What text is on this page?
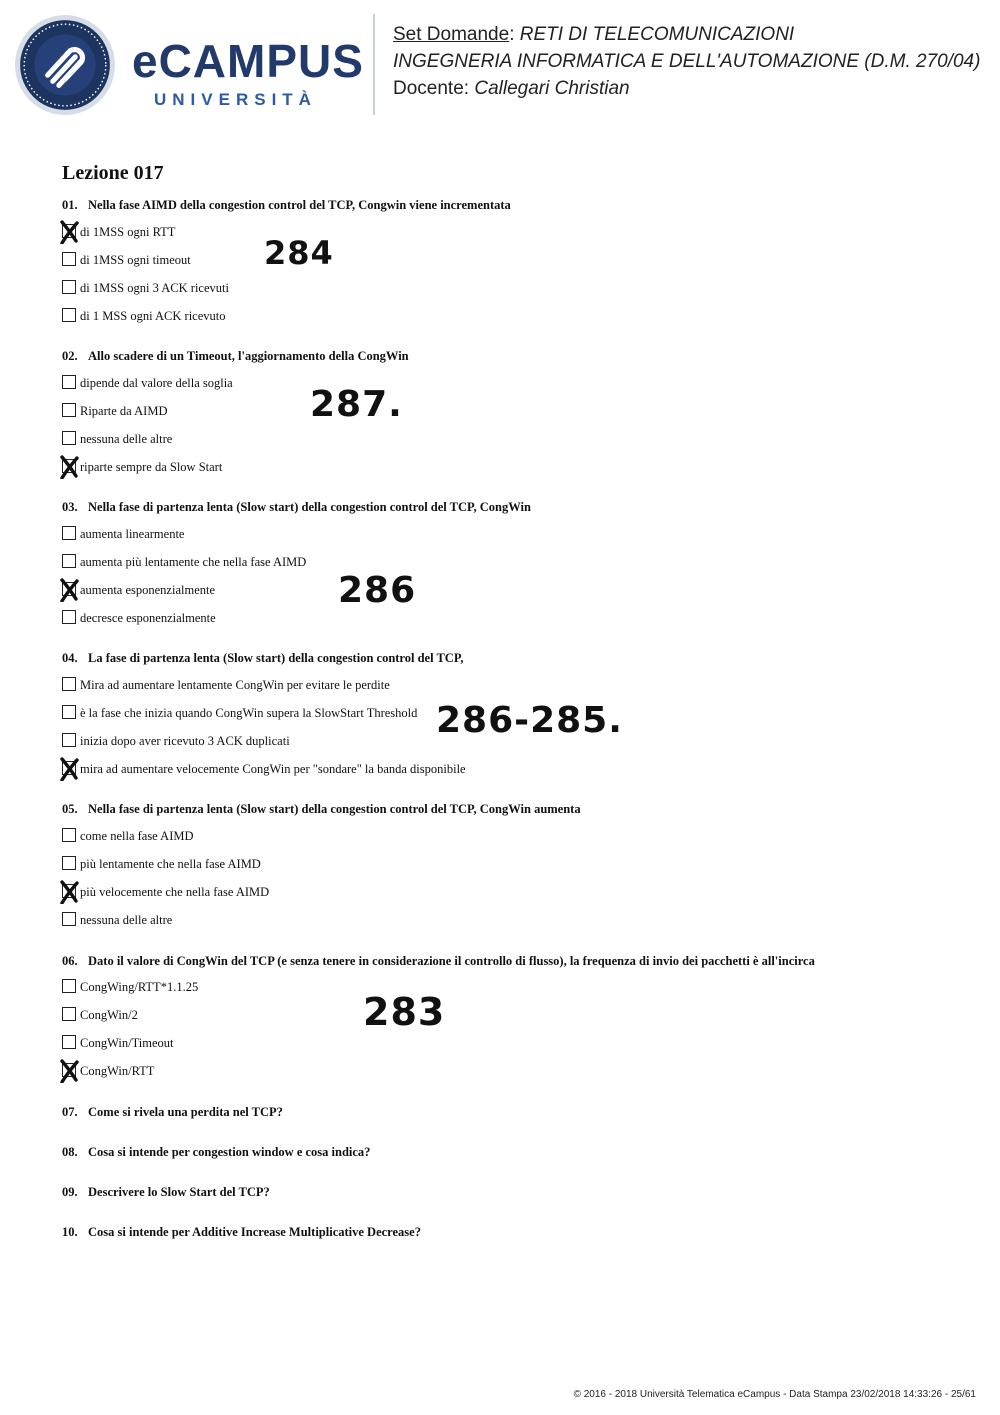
eCAMPUS
UNIVERSITÀ
Set Domande: RETI DI TELECOMUNICAZIONI
INGEGNERIA INFORMATICA E DELL'AUTOMAZIONE (D.M. 270/04)
Docente: Callegari Christian
Lezione 017
01. Nella fase AIMD della congestion control del TCP, Congwin viene incrementata
di 1MSS ogni RTT
di 1MSS ogni timeout
di 1MSS ogni 3 ACK ricevuti
di 1 MSS ogni ACK ricevuto
284
02. Allo scadere di un Timeout, l'aggiornamento della CongWin
dipende dal valore della soglia
Riparte da AIMD
nessuna delle altre
riparte sempre da Slow Start
287.
03. Nella fase di partenza lenta (Slow start) della congestion control del TCP, CongWin
aumenta linearmente
aumenta più lentamente che nella fase AIMD
aumenta esponenzialmente
decresce esponenzialmente
286
04. La fase di partenza lenta (Slow start) della congestion control del TCP,
Mira ad aumentare lentamente CongWin per evitare le perdite
è la fase che inizia quando CongWin supera la SlowStart Threshold
inizia dopo aver ricevuto 3 ACK duplicati
mira ad aumentare velocemente CongWin per "sondare" la banda disponibile
286-285.
05. Nella fase di partenza lenta (Slow start) della congestion control del TCP, CongWin aumenta
come nella fase AIMD
più lentamente che nella fase AIMD
più velocemente che nella fase AIMD
nessuna delle altre
06. Dato il valore di CongWin del TCP (e senza tenere in considerazione il controllo di flusso), la frequenza di invio dei pacchetti è all'incirca
CongWing/RTT*1.1.25
CongWin/2
CongWin/Timeout
CongWin/RTT
283
07. Come si rivela una perdita nel TCP?
08. Cosa si intende per congestion window e cosa indica?
09. Descrivere lo Slow Start del TCP?
10. Cosa si intende per Additive Increase Multiplicative Decrease?
© 2016 - 2018 Università Telematica eCampus - Data Stampa 23/02/2018 14:33:26 - 25/61
